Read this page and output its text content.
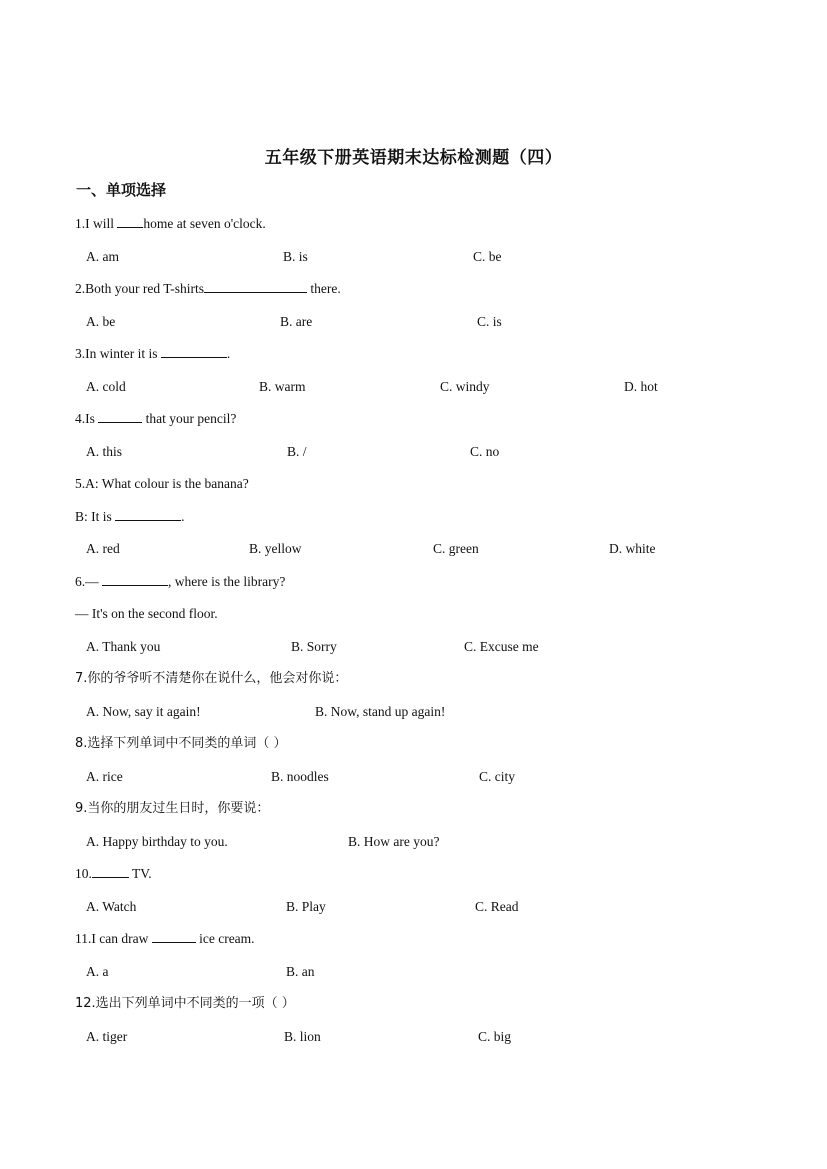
五年级下册英语期末达标检测题（四）
一、单项选择
1.I will home at seven o'clock.
A. am	B. is	C. be
2.Both your red T-shirts	there.
A. be	B. are	C. is
3.In winter it is	.
A. cold	B. warm	C. windy	D. hot
4.Is	that your pencil?
A. this	B. /	C. no
5.A: What colour is the banana?
B: It is	.
A. red	B. yellow	C. green	D. white
6.—	, where is the library?
— It's on the second floor.
A. Thank you	B. Sorry	C. Excuse me
7.你的爷爷听不清楚你在说什么，他会对你说：
A. Now, say it again!	B. Now, stand up again!
8.选择下列单词中不同类的单词（ ）
A. rice	B. noodles	C. city
9.当你的朋友过生日时，你要说：
A. Happy birthday to you.	B. How are you?
10.	TV.
A. Watch	B. Play	C. Read
11.I can draw	ice cream.
A. a	B. an
12.选出下列单词中不同类的一项（ ）
A. tiger	B. lion	C. big
